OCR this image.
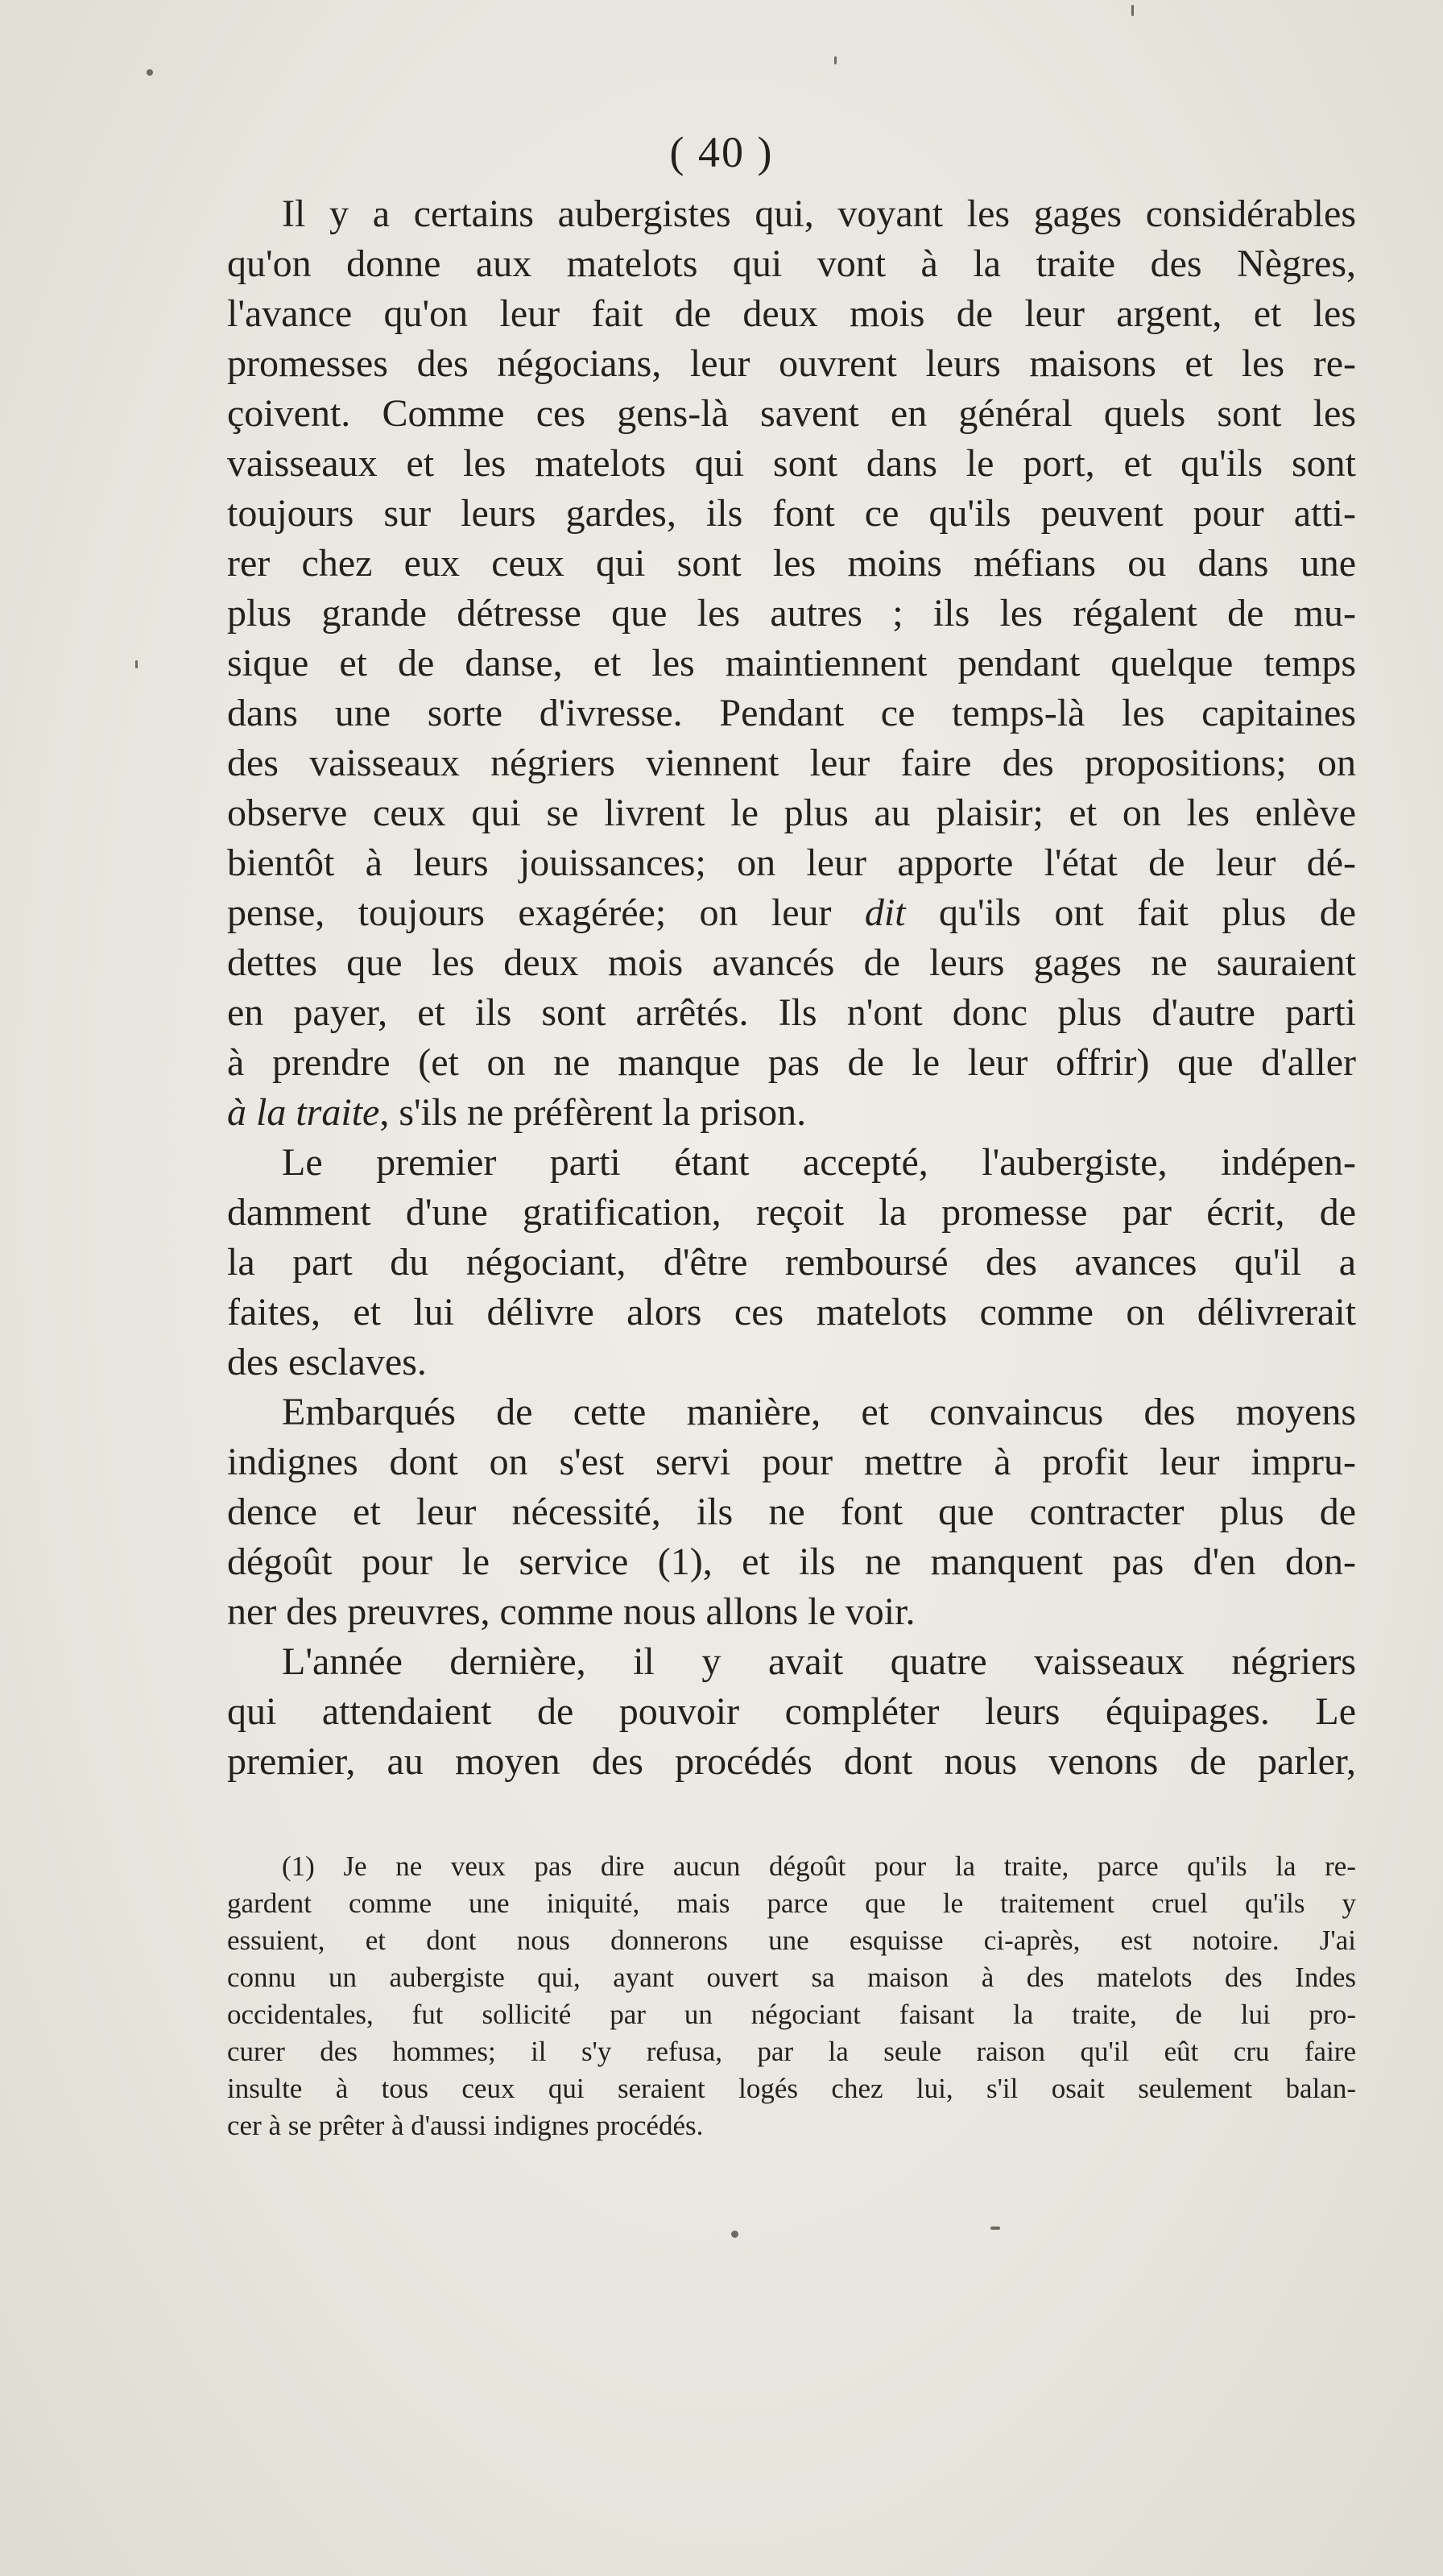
( 40 )
Il y a certains aubergistes qui, voyant les gages considérables
qu'on donne aux matelots qui vont à la traite des Nègres,
l'avance qu'on leur fait de deux mois de leur argent, et les
promesses des négocians, leur ouvrent leurs maisons et les re-
çoivent. Comme ces gens-là savent en général quels sont les
vaisseaux et les matelots qui sont dans le port, et qu'ils sont
toujours sur leurs gardes, ils font ce qu'ils peuvent pour atti-
rer chez eux ceux qui sont les moins méfians ou dans une
plus grande détresse que les autres ; ils les régalent de mu-
sique et de danse, et les maintiennent pendant quelque temps
dans une sorte d'ivresse. Pendant ce temps-là les capitaines
des vaisseaux négriers viennent leur faire des propositions; on
observe ceux qui se livrent le plus au plaisir; et on les enlève
bientôt à leurs jouissances; on leur apporte l'état de leur dé-
pense, toujours exagérée; on leur dit qu'ils ont fait plus de
dettes que les deux mois avancés de leurs gages ne sauraient
en payer, et ils sont arrêtés. Ils n'ont donc plus d'autre parti
à prendre (et on ne manque pas de le leur offrir) que d'aller
à la traite, s'ils ne préfèrent la prison.
Le premier parti étant accepté, l'aubergiste, indépen-
damment d'une gratification, reçoit la promesse par écrit, de
la part du négociant, d'être remboursé des avances qu'il a
faites, et lui délivre alors ces matelots comme on délivrerait
des esclaves.
Embarqués de cette manière, et convaincus des moyens
indignes dont on s'est servi pour mettre à profit leur impru-
dence et leur nécessité, ils ne font que contracter plus de
dégoût pour le service (1), et ils ne manquent pas d'en don-
ner des preuvres, comme nous allons le voir.
L'année dernière, il y avait quatre vaisseaux négriers
qui attendaient de pouvoir compléter leurs équipages. Le
premier, au moyen des procédés dont nous venons de parler,
(1) Je ne veux pas dire aucun dégoût pour la traite, parce qu'ils la re-
gardent comme une iniquité, mais parce que le traitement cruel qu'ils y
essuient, et dont nous donnerons une esquisse ci-après, est notoire. J'ai
connu un aubergiste qui, ayant ouvert sa maison à des matelots des Indes
occidentales, fut sollicité par un négociant faisant la traite, de lui pro-
curer des hommes; il s'y refusa, par la seule raison qu'il eût cru faire
insulte à tous ceux qui seraient logés chez lui, s'il osait seulement balan-
cer à se prêter à d'aussi indignes procédés.
